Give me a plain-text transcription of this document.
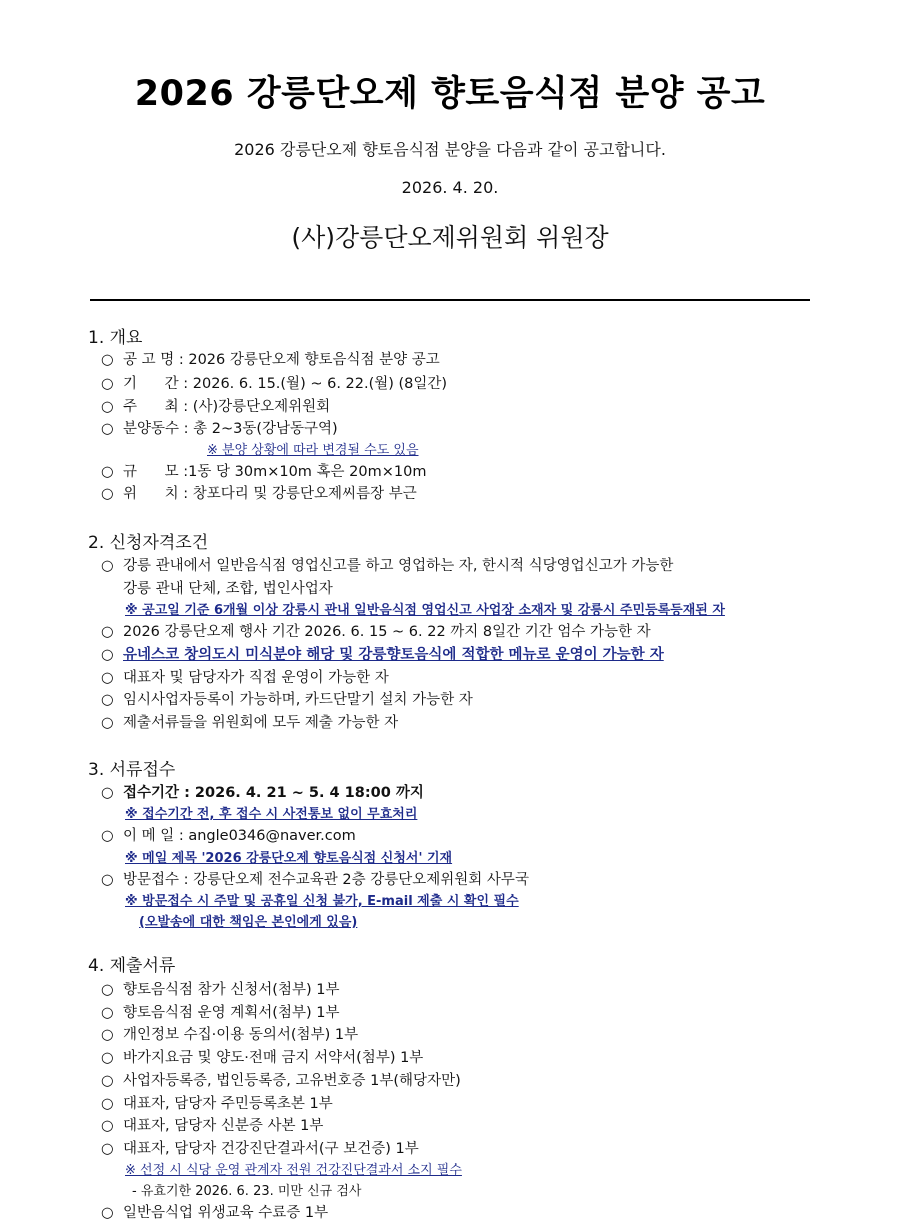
2026 강릉단오제 향토음식점 분양 공고
2026 강릉단오제 향토음식점 분양을 다음과 같이 공고합니다.
2026. 4. 20.
(사)강릉단오제위원회 위원장
1. 개요
○ 공 고 명 : 2026 강릉단오제 향토음식점 분양 공고
○ 기      간 : 2026. 6. 15.(월) ~ 6. 22.(월) (8일간)
○ 주      최 : (사)강릉단오제위원회
○ 분양동수 : 총 2~3동(강남동구역)
※ 분양 상황에 따라 변경될 수도 있음
○ 규      모 :1동 당 30m×10m 혹은 20m×10m
○ 위      치 : 창포다리 및 강릉단오제씨름장 부근
2. 신청자격조건
○ 강릉 관내에서 일반음식점 영업신고를 하고 영업하는 자, 한시적 식당영업신고가 가능한
강릉 관내 단체, 조합, 법인사업자
※ 공고일 기준 6개월 이상 강릉시 관내 일반음식점 영업신고 사업장 소재자 및 강릉시 주민등록등재된 자
○ 2026 강릉단오제 행사 기간 2026. 6. 15 ~ 6. 22 까지 8일간 기간 엄수 가능한 자
○ 유네스코 창의도시 미식분야 해당 및 강릉향토음식에 적합한 메뉴로 운영이 가능한 자
○ 대표자 및 담당자가 직접 운영이 가능한 자
○ 임시사업자등록이 가능하며, 카드단말기 설치 가능한 자
○ 제출서류들을 위원회에 모두 제출 가능한 자
3. 서류접수
○ 접수기간 : 2026. 4. 21 ~ 5. 4 18:00 까지
※ 접수기간 전, 후 접수 시 사전통보 없이 무효처리
○ 이 메 일 : angle0346@naver.com
※ 메일 제목 '2026 강릉단오제 향토음식점 신청서' 기재
○ 방문접수 : 강릉단오제 전수교육관 2층 강릉단오제위원회 사무국
※ 방문접수 시 주말 및 공휴일 신청 불가, E-mail 제출 시 확인 필수
(오발송에 대한 책임은 본인에게 있음)
4. 제출서류
○ 향토음식점 참가 신청서(첨부) 1부
○ 향토음식점 운영 계획서(첨부) 1부
○ 개인정보 수집·이용 동의서(첨부) 1부
○ 바가지요금 및 양도·전매 금지 서약서(첨부) 1부
○ 사업자등록증, 법인등록증, 고유번호증 1부(해당자만)
○ 대표자, 담당자 주민등록초본 1부
○ 대표자, 담당자 신분증 사본 1부
○ 대표자, 담당자 건강진단결과서(구 보건증) 1부
※ 선정 시 식당 운영 관계자 전원 건강진단결과서 소지 필수
- 유효기한 2026. 6. 23. 미만 신규 검사
○ 일반음식업 위생교육 수료증 1부
